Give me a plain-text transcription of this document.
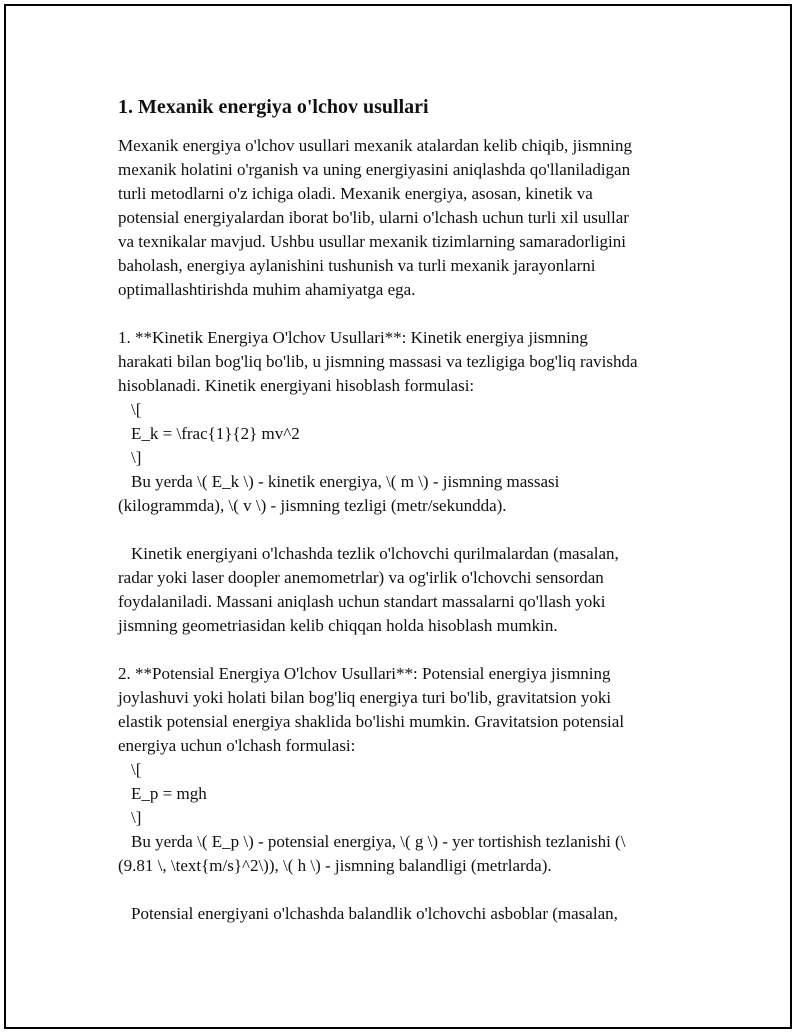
1. Mexanik energiya o'lchov usullari
Mexanik energiya o'lchov usullari mexanik atalardan kelib chiqib, jismning
mexanik holatini o'rganish va uning energiyasini aniqlashda qo'llaniladigan
turli metodlarni o'z ichiga oladi. Mexanik energiya, asosan, kinetik va
potensial energiyalardan iborat bo'lib, ularni o'lchash uchun turli xil usullar
va texnikalar mavjud. Ushbu usullar mexanik tizimlarning samaradorligini
baholash, energiya aylanishini tushunish va turli mexanik jarayonlarni
optimallashtirishda muhim ahamiyatga ega.
1. **Kinetik Energiya O'lchov Usullari**: Kinetik energiya jismning
harakati bilan bog'liq bo'lib, u jismning massasi va tezligiga bog'liq ravishda
hisoblanadi. Kinetik energiyani hisoblash formulasi:
\[
E_k = \frac{1}{2} mv^2
\]
Bu yerda \( E_k \) - kinetik energiya, \( m \) - jismning massasi
(kilogrammda), \( v \) - jismning tezligi (metr/sekundda).
Kinetik energiyani o'lchashda tezlik o'lchovchi qurilmalardan (masalan,
radar yoki laser doopler anemometrlar) va og'irlik o'lchovchi sensordan
foydalaniladi. Massani aniqlash uchun standart massalarni qo'llash yoki
jismning geometriasidan kelib chiqqan holda hisoblash mumkin.
2. **Potensial Energiya O'lchov Usullari**: Potensial energiya jismning
joylashuvi yoki holati bilan bog'liq energiya turi bo'lib, gravitatsion yoki
elastik potensial energiya shaklida bo'lishi mumkin. Gravitatsion potensial
energiya uchun o'lchash formulasi:
\[
E_p = mgh
\]
Bu yerda \( E_p \) - potensial energiya, \( g \) - yer tortishish tezlanishi (\
(9.81 \, \text{m/s}^2\)), \( h \) - jismning balandligi (metrlarda).
Potensial energiyani o'lchashda balandlik o'lchovchi asboblar (masalan,
